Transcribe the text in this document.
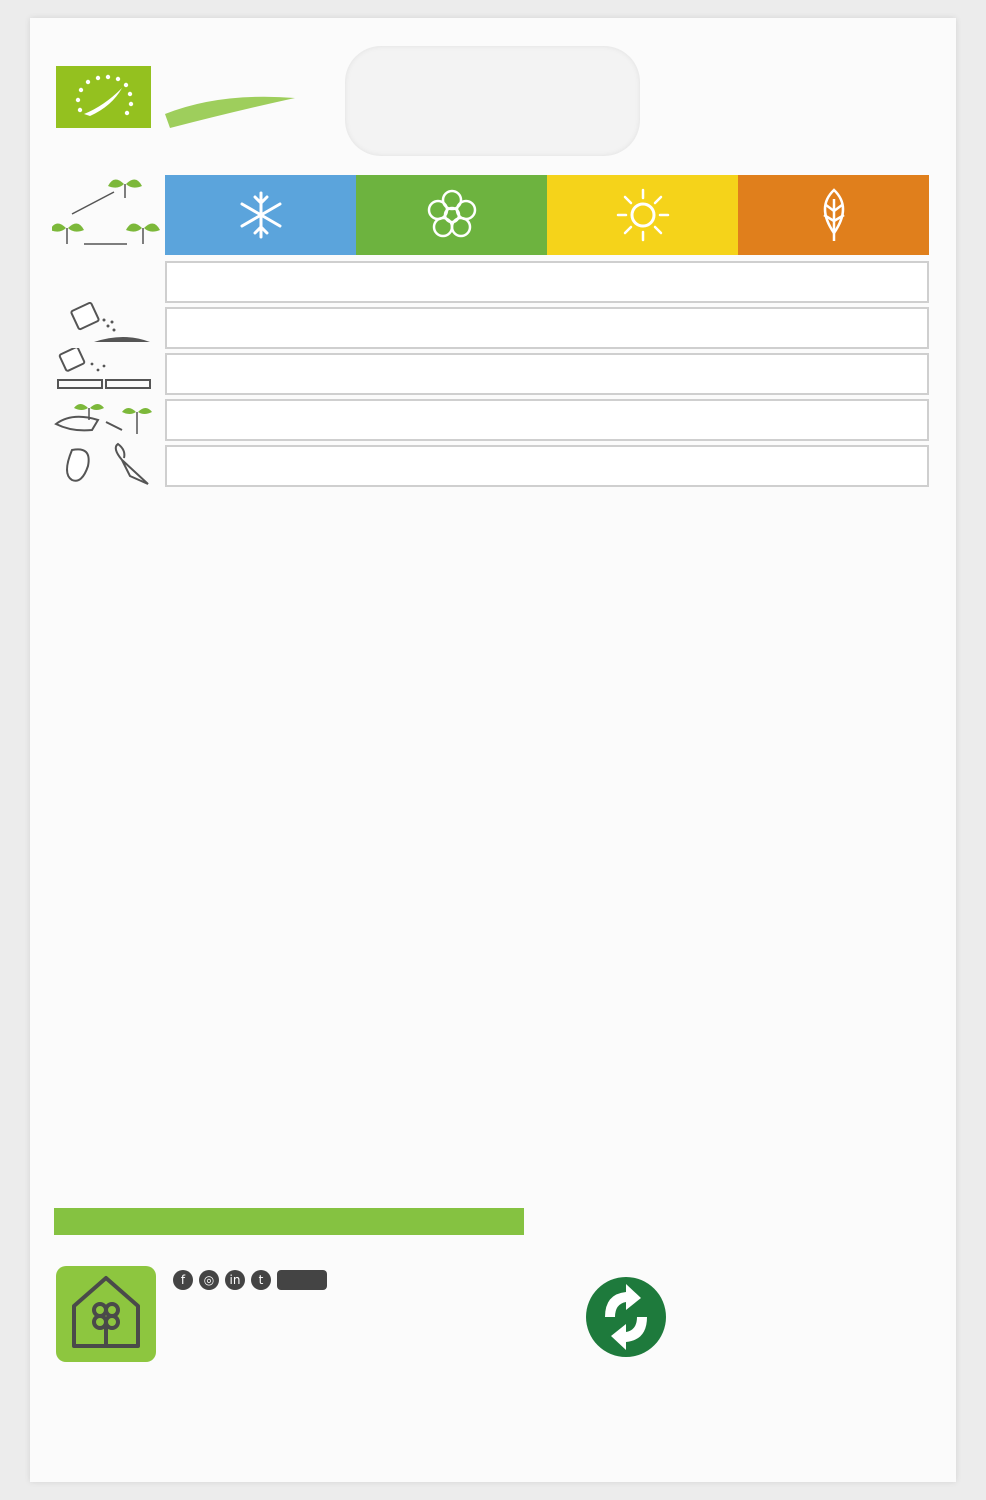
f	◎	in	t
